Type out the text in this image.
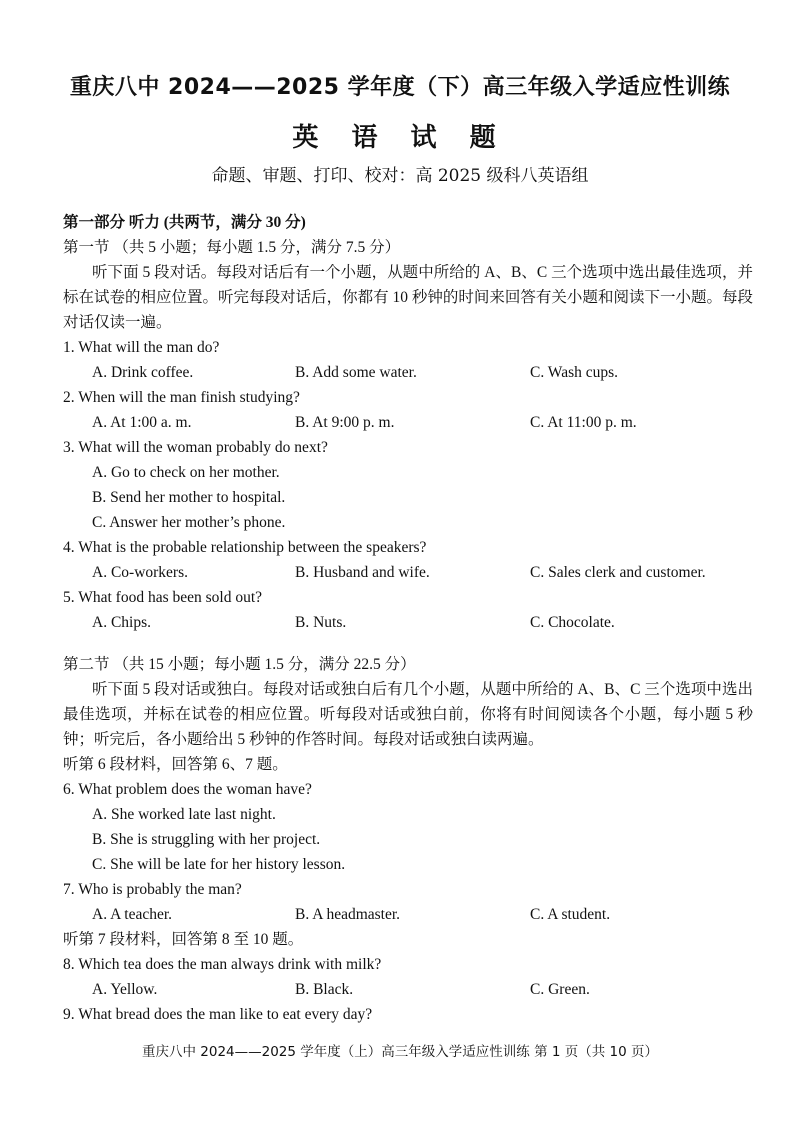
重庆八中 2024——2025 学年度（下）高三年级入学适应性训练
英 语 试 题
命题、审题、打印、校对：高 2025 级科八英语组
第一部分 听力 (共两节，满分 30 分)
第一节 （共 5 小题；每小题 1.5 分，满分 7.5 分）
听下面 5 段对话。每段对话后有一个小题，从题中所给的 A、B、C 三个选项中选出最佳选项，并标在试卷的相应位置。听完每段对话后，你都有 10 秒钟的时间来回答有关小题和阅读下一小题。每段对话仅读一遍。
1. What will the man do?
A. Drink coffee.	B. Add some water.	C. Wash cups.
2. When will the man finish studying?
A. At 1:00 a. m.	B. At 9:00 p. m.	C. At 11:00 p. m.
3. What will the woman probably do next?
A. Go to check on her mother.
B. Send her mother to hospital.
C. Answer her mother’s phone.
4. What is the probable relationship between the speakers?
A. Co-workers.	B. Husband and wife.	C. Sales clerk and customer.
5. What food has been sold out?
A. Chips.	B. Nuts.	C. Chocolate.
第二节 （共 15 小题；每小题 1.5 分，满分 22.5 分）
听下面 5 段对话或独白。每段对话或独白后有几个小题，从题中所给的 A、B、C 三个选项中选出最佳选项，并标在试卷的相应位置。听每段对话或独白前，你将有时间阅读各个小题，每小题 5 秒钟；听完后，各小题给出 5 秒钟的作答时间。每段对话或独白读两遍。
听第 6 段材料，回答第 6、7 题。
6. What problem does the woman have?
A. She worked late last night.
B. She is struggling with her project.
C. She will be late for her history lesson.
7. Who is probably the man?
A. A teacher.	B. A headmaster.	C. A student.
听第 7 段材料，回答第 8 至 10 题。
8. Which tea does the man always drink with milk?
A. Yellow.	B. Black.	C. Green.
9. What bread does the man like to eat every day?
重庆八中 2024——2025 学年度（上）高三年级入学适应性训练 第 1 页（共 10 页）
